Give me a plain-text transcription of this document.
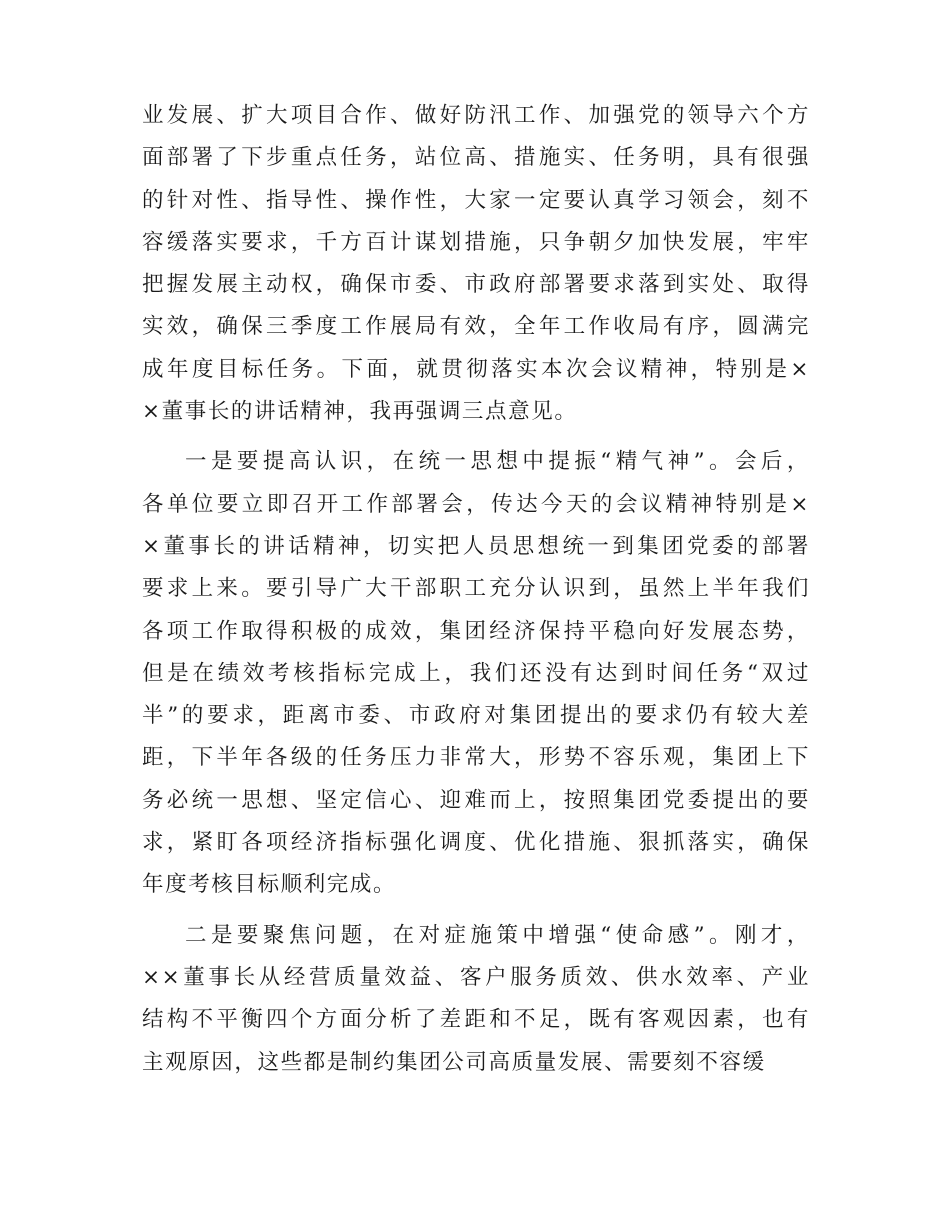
业发展、扩大项目合作、做好防汛工作、加强党的领导六个方
面部署了下步重点任务，站位高、措施实、任务明，具有很强
的针对性、指导性、操作性，大家一定要认真学习领会，刻不
容缓落实要求，千方百计谋划措施，只争朝夕加快发展，牢牢
把握发展主动权，确保市委、市政府部署要求落到实处、取得
实效，确保三季度工作展局有效，全年工作收局有序，圆满完
成年度目标任务。下面，就贯彻落实本次会议精神，特别是×
×董事长的讲话精神，我再强调三点意见。
一是要提高认识，在统一思想中提振“精气神”。会后，
各单位要立即召开工作部署会，传达今天的会议精神特别是×
×董事长的讲话精神，切实把人员思想统一到集团党委的部署
要求上来。要引导广大干部职工充分认识到，虽然上半年我们
各项工作取得积极的成效，集团经济保持平稳向好发展态势，
但是在绩效考核指标完成上，我们还没有达到时间任务“双过
半”的要求，距离市委、市政府对集团提出的要求仍有较大差
距，下半年各级的任务压力非常大，形势不容乐观，集团上下
务必统一思想、坚定信心、迎难而上，按照集团党委提出的要
求，紧盯各项经济指标强化调度、优化措施、狠抓落实，确保
年度考核目标顺利完成。
二是要聚焦问题，在对症施策中增强“使命感”。刚才，
××董事长从经营质量效益、客户服务质效、供水效率、产业
结构不平衡四个方面分析了差距和不足，既有客观因素，也有
主观原因，这些都是制约集团公司高质量发展、需要刻不容缓
